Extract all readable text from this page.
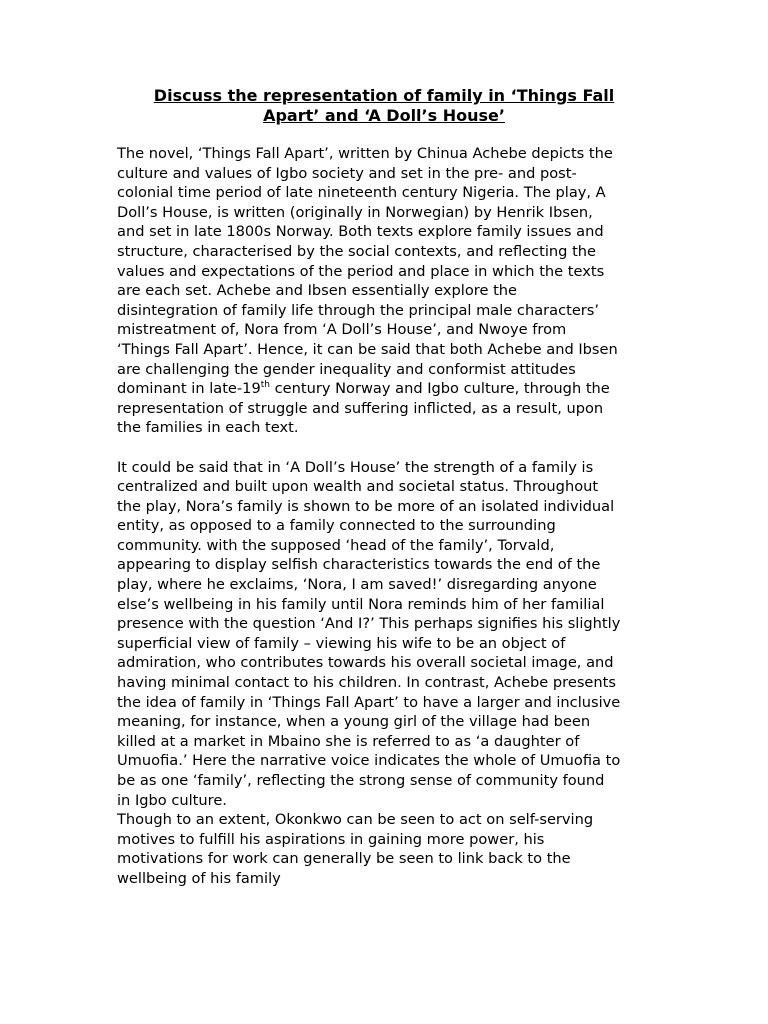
Discuss the representation of family in ‘Things Fall
Apart’ and ‘A Doll’s House’

The novel, ‘Things Fall Apart’, written by Chinua Achebe depicts the
culture and values of Igbo society and set in the pre- and post-
colonial time period of late nineteenth century Nigeria. The play, A
Doll’s House, is written (originally in Norwegian) by Henrik Ibsen,
and set in late 1800s Norway. Both texts explore family issues and
structure, characterised by the social contexts, and reflecting the
values and expectations of the period and place in which the texts
are each set. Achebe and Ibsen essentially explore the
disintegration of family life through the principal male characters’
mistreatment of, Nora from ‘A Doll’s House’, and Nwoye from
‘Things Fall Apart’. Hence, it can be said that both Achebe and Ibsen
are challenging the gender inequality and conformist attitudes
dominant in late-19th century Norway and Igbo culture, through the
representation of struggle and suffering inflicted, as a result, upon
the families in each text.

It could be said that in ‘A Doll’s House’ the strength of a family is
centralized and built upon wealth and societal status. Throughout
the play, Nora’s family is shown to be more of an isolated individual
entity, as opposed to a family connected to the surrounding
community. with the supposed ‘head of the family’, Torvald,
appearing to display selfish characteristics towards the end of the
play, where he exclaims, ‘Nora, I am saved!’ disregarding anyone
else’s wellbeing in his family until Nora reminds him of her familial
presence with the question ‘And I?’ This perhaps signifies his slightly
superficial view of family – viewing his wife to be an object of
admiration, who contributes towards his overall societal image, and
having minimal contact to his children. In contrast, Achebe presents
the idea of family in ‘Things Fall Apart’ to have a larger and inclusive
meaning, for instance, when a young girl of the village had been
killed at a market in Mbaino she is referred to as ‘a daughter of
Umuofia.’ Here the narrative voice indicates the whole of Umuofia to
be as one ‘family’, reflecting the strong sense of community found
in Igbo culture.

Though to an extent, Okonkwo can be seen to act on self-serving
motives to fulfill his aspirations in gaining more power, his
motivations for work can generally be seen to link back to the
wellbeing of his family
